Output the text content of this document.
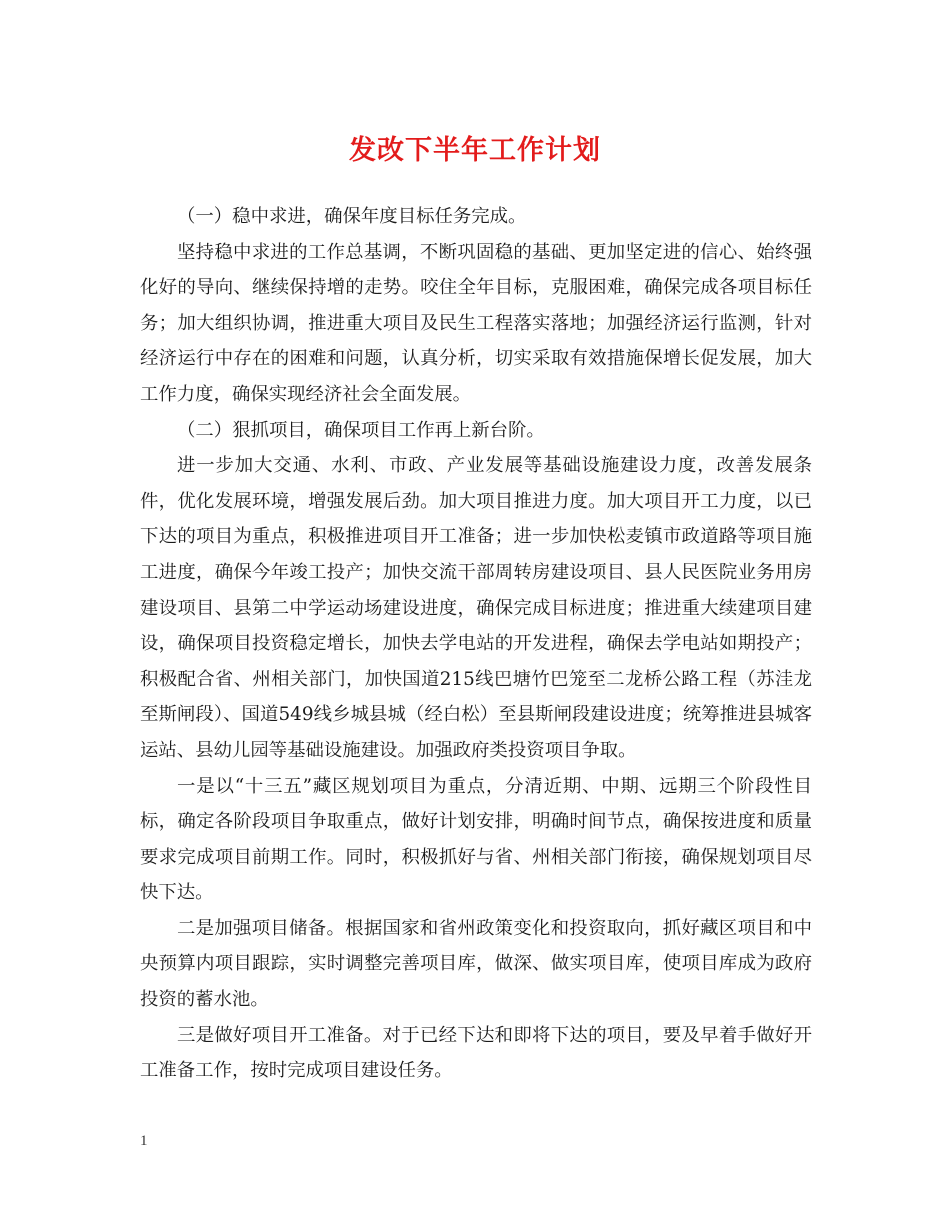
发改下半年工作计划

（一）稳中求进，确保年度目标任务完成。

坚持稳中求进的工作总基调，不断巩固稳的基础、更加坚定进的信心、始终强化好的导向、继续保持增的走势。咬住全年目标，克服困难，确保完成各项目标任务；加大组织协调，推进重大项目及民生工程落实落地；加强经济运行监测，针对经济运行中存在的困难和问题，认真分析，切实采取有效措施保增长促发展，加大工作力度，确保实现经济社会全面发展。

（二）狠抓项目，确保项目工作再上新台阶。

进一步加大交通、水利、市政、产业发展等基础设施建设力度，改善发展条件，优化发展环境，增强发展后劲。加大项目推进力度。加大项目开工力度，以已下达的项目为重点，积极推进项目开工准备；进一步加快松麦镇市政道路等项目施工进度，确保今年竣工投产；加快交流干部周转房建设项目、县人民医院业务用房建设项目、县第二中学运动场建设进度，确保完成目标进度；推进重大续建项目建设，确保项目投资稳定增长，加快去学电站的开发进程，确保去学电站如期投产；积极配合省、州相关部门，加快国道215线巴塘竹巴笼至二龙桥公路工程（苏洼龙至斯闸段）、国道549线乡城县城（经白松）至县斯闸段建设进度；统筹推进县城客运站、县幼儿园等基础设施建设。加强政府类投资项目争取。

一是以“十三五”藏区规划项目为重点，分清近期、中期、远期三个阶段性目标，确定各阶段项目争取重点，做好计划安排，明确时间节点，确保按进度和质量要求完成项目前期工作。同时，积极抓好与省、州相关部门衔接，确保规划项目尽快下达。

二是加强项目储备。根据国家和省州政策变化和投资取向，抓好藏区项目和中央预算内项目跟踪，实时调整完善项目库，做深、做实项目库，使项目库成为政府投资的蓄水池。

三是做好项目开工准备。对于已经下达和即将下达的项目，要及早着手做好开工准备工作，按时完成项目建设任务。

1
